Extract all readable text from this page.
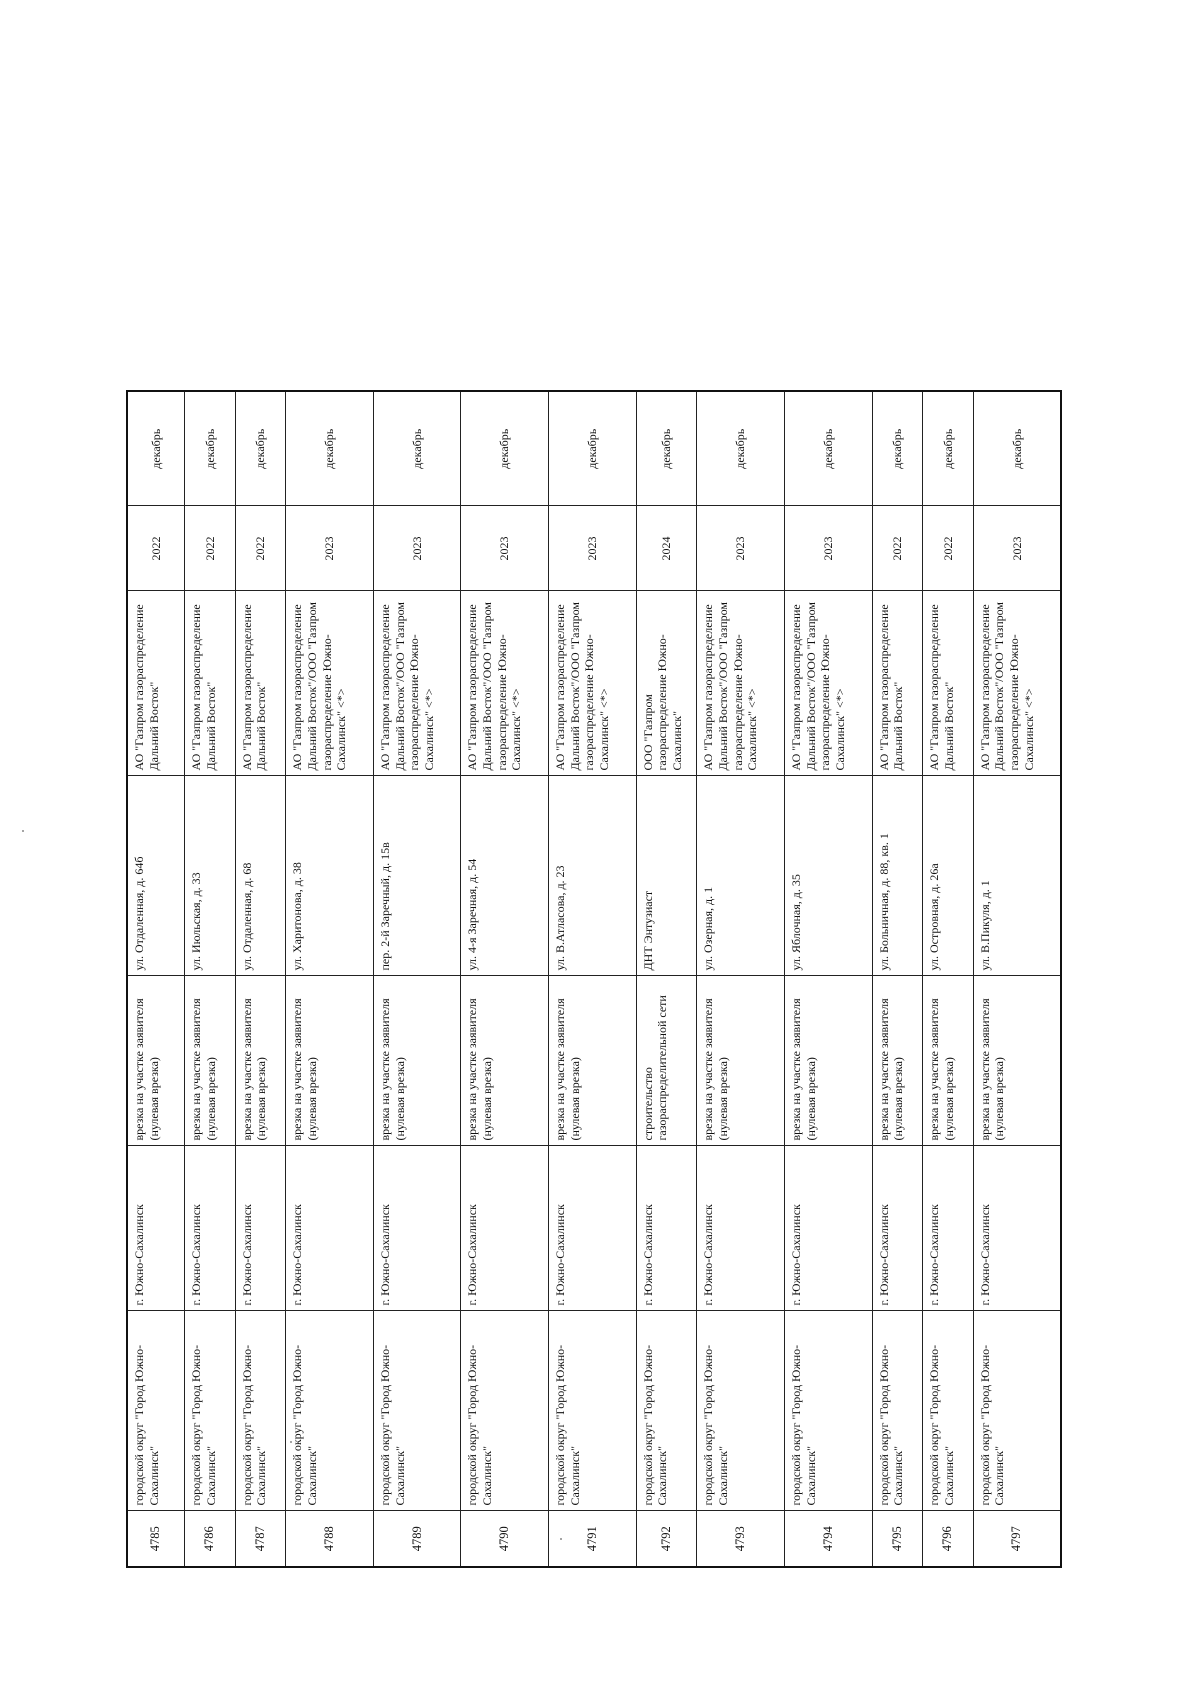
4785	городской округ "Город Южно-Сахалинск"	г. Южно-Сахалинск	врезка на участке заявителя (нулевая врезка)	ул. Отдаленная, д. 64б	АО "Газпром газораспределение Дальний Восток"	2022	декабрь
4786	городской округ "Город Южно-Сахалинск"	г. Южно-Сахалинск	врезка на участке заявителя (нулевая врезка)	ул. Июльская, д. 33	АО "Газпром газораспределение Дальний Восток"	2022	декабрь
4787	городской округ "Город Южно-Сахалинск"	г. Южно-Сахалинск	врезка на участке заявителя (нулевая врезка)	ул. Отдаленная, д. 68	АО "Газпром газораспределение Дальний Восток"	2022	декабрь
4788	городской округ "Город Южно-Сахалинск"	г. Южно-Сахалинск	врезка на участке заявителя (нулевая врезка)	ул. Харитонова, д. 38	АО "Газпром газораспределение Дальний Восток"/ООО "Газпром газораспределение Южно-Сахалинск" <*>	2023	декабрь
4789	городской округ "Город Южно-Сахалинск"	г. Южно-Сахалинск	врезка на участке заявителя (нулевая врезка)	пер. 2-й Заречный, д. 15в	АО "Газпром газораспределение Дальний Восток"/ООО "Газпром газораспределение Южно-Сахалинск" <*>	2023	декабрь
4790	городской округ "Город Южно-Сахалинск"	г. Южно-Сахалинск	врезка на участке заявителя (нулевая врезка)	ул. 4-я Заречная, д. 54	АО "Газпром газораспределение Дальний Восток"/ООО "Газпром газораспределение Южно-Сахалинск" <*>	2023	декабрь
4791	городской округ "Город Южно-Сахалинск"	г. Южно-Сахалинск	врезка на участке заявителя (нулевая врезка)	ул. В.Атласова, д. 23	АО "Газпром газораспределение Дальний Восток"/ООО "Газпром газораспределение Южно-Сахалинск" <*>	2023	декабрь
4792	городской округ "Город Южно-Сахалинск"	г. Южно-Сахалинск	строительство газораспределительной сети	ДНТ Энтузиаст	ООО "Газпром газораспределение Южно-Сахалинск"	2024	декабрь
4793	городской округ "Город Южно-Сахалинск"	г. Южно-Сахалинск	врезка на участке заявителя (нулевая врезка)	ул. Озерная, д. 1	АО "Газпром газораспределение Дальний Восток"/ООО "Газпром газораспределение Южно-Сахалинск" <*>	2023	декабрь
4794	городской округ "Город Южно-Сахалинск"	г. Южно-Сахалинск	врезка на участке заявителя (нулевая врезка)	ул. Яблочная, д. 35	АО "Газпром газораспределение Дальний Восток"/ООО "Газпром газораспределение Южно-Сахалинск" <*>	2023	декабрь
4795	городской округ "Город Южно-Сахалинск"	г. Южно-Сахалинск	врезка на участке заявителя (нулевая врезка)	ул. Больничная, д. 88, кв. 1	АО "Газпром газораспределение Дальний Восток"	2022	декабрь
4796	городской округ "Город Южно-Сахалинск"	г. Южно-Сахалинск	врезка на участке заявителя (нулевая врезка)	ул. Островная, д. 26а	АО "Газпром газораспределение Дальний Восток"	2022	декабрь
4797	городской округ "Город Южно-Сахалинск"	г. Южно-Сахалинск	врезка на участке заявителя (нулевая врезка)	ул. В.Пикуля, д. 1	АО "Газпром газораспределение Дальний Восток"/ООО "Газпром газораспределение Южно-Сахалинск" <*>	2023	декабрь
